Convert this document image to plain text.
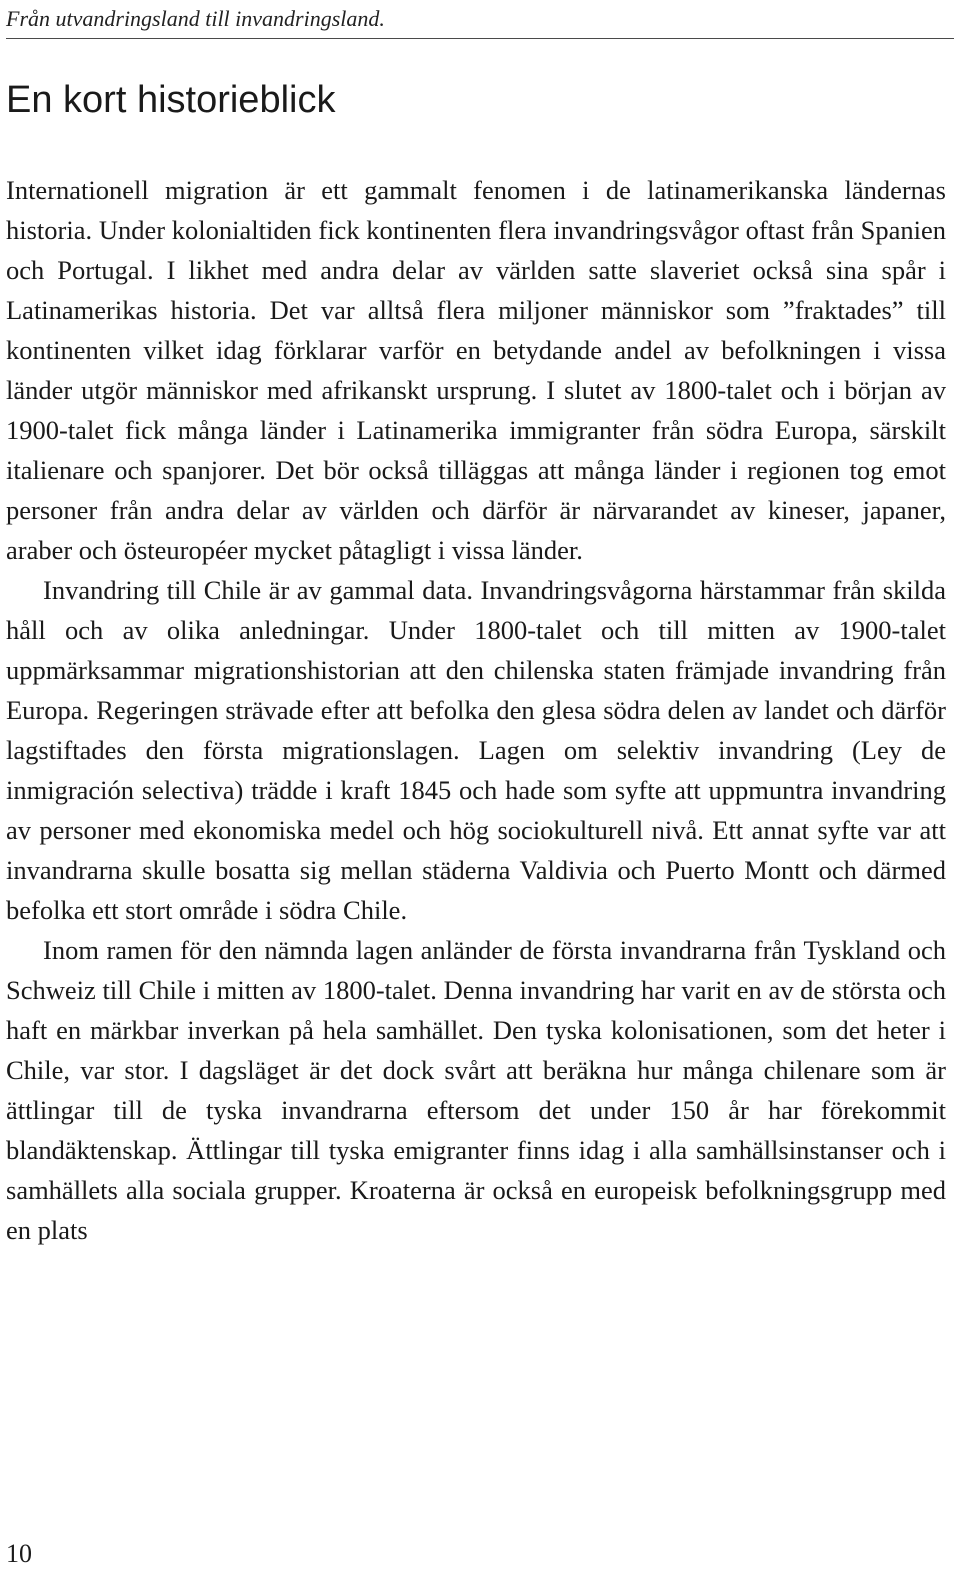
Från utvandringsland till invandringsland.
En kort historieblick

Internationell migration är ett gammalt fenomen i de latinamerikanska ländernas historia. Under kolonialtiden fick kontinenten flera invandringsvågor oftast från Spanien och Portugal. I likhet med andra delar av världen satte slaveriet också sina spår i Latinamerikas historia. Det var alltså flera miljoner människor som ”fraktades” till kontinenten vilket idag förklarar varför en betydande andel av befolkningen i vissa länder utgör människor med afrikanskt ursprung. I slutet av 1800-talet och i början av 1900-talet fick många länder i Latinamerika immigranter från södra Europa, särskilt italienare och spanjorer. Det bör också tilläggas att många länder i regionen tog emot personer från andra delar av världen och därför är närvarandet av kineser, japaner, araber och östeuropéer mycket påtagligt i vissa länder.

Invandring till Chile är av gammal data. Invandringsvågorna härstammar från skilda håll och av olika anledningar. Under 1800-talet och till mitten av 1900-talet uppmärksammar migrationshistorian att den chilenska staten främjade invandring från Europa. Regeringen strävade efter att befolka den glesa södra delen av landet och därför lagstiftades den första migrationslagen. Lagen om selektiv invandring (Ley de inmigración selectiva) trädde i kraft 1845 och hade som syfte att uppmuntra invandring av personer med ekonomiska medel och hög sociokulturell nivå. Ett annat syfte var att invandrarna skulle bosatta sig mellan städerna Valdivia och Puerto Montt och därmed befolka ett stort område i södra Chile.

Inom ramen för den nämnda lagen anländer de första invandrarna från Tyskland och Schweiz till Chile i mitten av 1800-talet. Denna invandring har varit en av de största och haft en märkbar inverkan på hela samhället. Den tyska kolonisationen, som det heter i Chile, var stor. I dagsläget är det dock svårt att beräkna hur många chilenare som är ättlingar till de tyska invandrarna eftersom det under 150 år har förekommit blandäktenskap. Ättlingar till tyska emigranter finns idag i alla samhällsinstanser och i samhällets alla sociala grupper. Kroaterna är också en europeisk befolkningsgrupp med en plats

10
